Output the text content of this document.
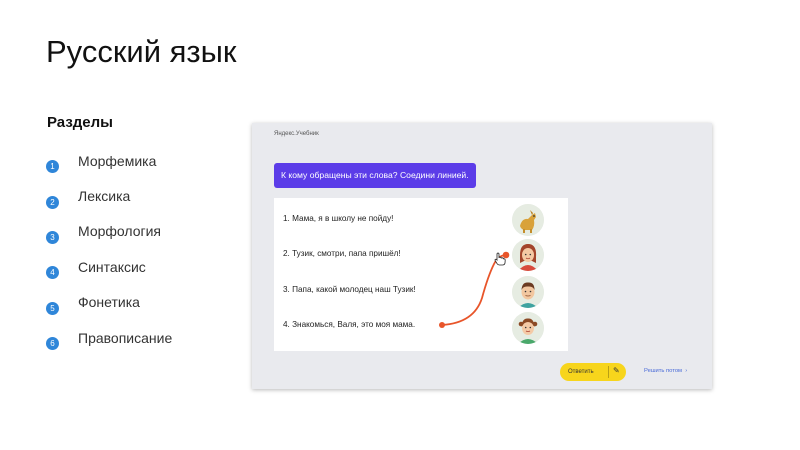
Русский язык
Разделы
1	Морфемика
2	Лексика
3	Морфология
4	Синтаксис
5	Фонетика
6	Правописание
Яндекс.Учебник
К кому обращены эти слова? Соедини линией.
1. Мама, я в школу не пойду!
2. Тузик, смотри, папа пришёл!
3. Папа, какой молодец наш Тузик!
4. Знакомься, Валя, это моя мама.
Ответить ✎	Решить потом  ›
